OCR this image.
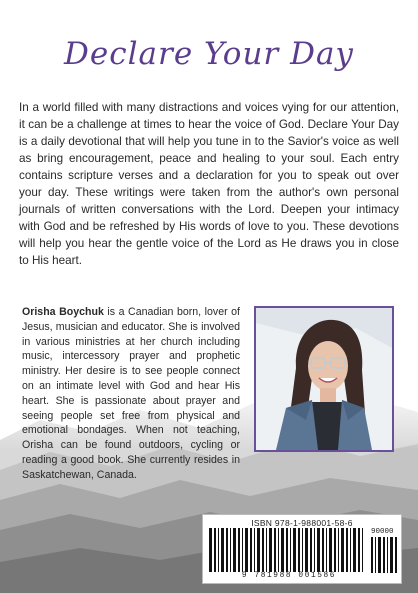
Declare Your Day

In a world filled with many distractions and voices vying for our attention, it can be a challenge at times to hear the voice of God. Declare Your Day is a daily devotional that will help you tune in to the Savior's voice as well as bring encouragement, peace and healing to your soul. Each entry contains scripture verses and a declaration for you to speak out over your day. These writings were taken from the author's own personal journals of written conversations with the Lord. Deepen your intimacy with God and be refreshed by His words of love to you. These devotions will help you hear the gentle voice of the Lord as He draws you in close to His heart.

Orisha Boychuk is a Canadian born, lover of Jesus, musician and educator. She is involved in various ministries at her church including music, intercessory prayer and prophetic ministry. Her desire is to see people connect on an intimate level with God and hear His heart. She is passionate about prayer and seeing people set free from physical and emotional bondages. When not teaching, Orisha can be found outdoors, cycling or reading a good book. She currently resides in Saskatchewan, Canada.

ISBN 978-1-988001-58-6
90000
9 781988 001586
